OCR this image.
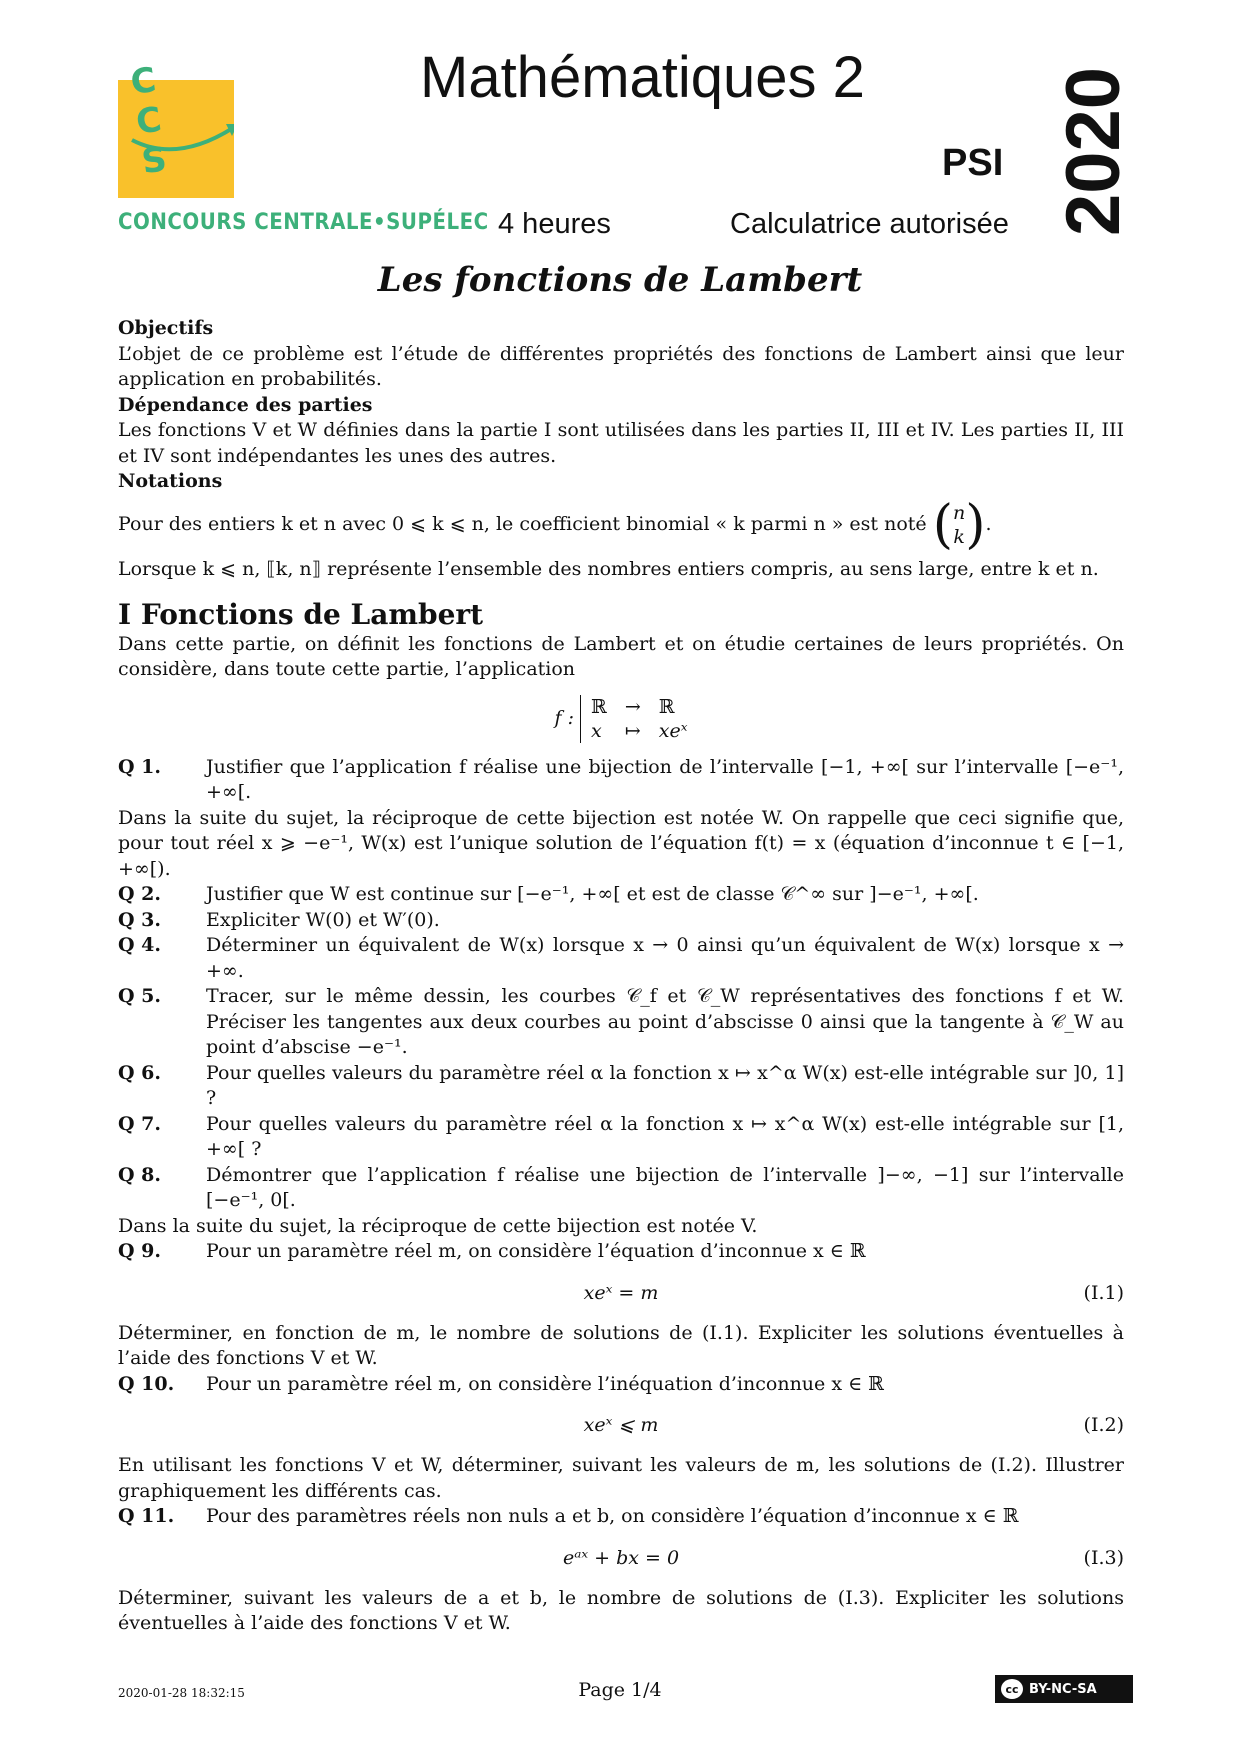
C C S
CONCOURS CENTRALE•SUPÉLEC
Mathématiques 2
PSI 2020
4 heures	Calculatrice autorisée
Les fonctions de Lambert

Objectifs

L’objet de ce problème est l’étude de différentes propriétés des fonctions de Lambert ainsi que leur application en probabilités.

Dépendance des parties

Les fonctions V et W définies dans la partie I sont utilisées dans les parties II, III et IV. Les parties II, III et IV sont indépendantes les unes des autres.

Notations

Pour des entiers k et n avec 0 ⩽ k ⩽ n, le coefficient binomial « k parmi n » est noté ( n
k ) .

Lorsque k ⩽ n, ⟦k, n⟧ représente l’ensemble des nombres entiers compris, au sens large, entre k et n.

I Fonctions de Lambert

Dans cette partie, on définit les fonctions de Lambert et on étudie certaines de leurs propriétés. On considère, dans toute cette partie, l’application

f :
ℝ → ℝ
x ↦ xeˣ
Q 1.	Justifier que l’application f réalise une bijection de l’intervalle [−1, +∞[ sur l’intervalle [−e⁻¹, +∞[.

Dans la suite du sujet, la réciproque de cette bijection est notée W. On rappelle que ceci signifie que, pour tout réel x ⩾ −e⁻¹, W(x) est l’unique solution de l’équation f(t) = x (équation d’inconnue t ∈ [−1, +∞[).

Q 2.	Justifier que W est continue sur [−e⁻¹, +∞[ et est de classe 𝒞^∞ sur ]−e⁻¹, +∞[.
Q 3.	Expliciter W(0) et W′(0).
Q 4.	Déterminer un équivalent de W(x) lorsque x → 0 ainsi qu’un équivalent de W(x) lorsque x → +∞.
Q 5.	Tracer, sur le même dessin, les courbes 𝒞_f et 𝒞_W représentatives des fonctions f et W. Préciser les tangentes aux deux courbes au point d’abscisse 0 ainsi que la tangente à 𝒞_W au point d’abscise −e⁻¹.
Q 6.	Pour quelles valeurs du paramètre réel α la fonction x ↦ x^α W(x) est-elle intégrable sur ]0, 1] ?
Q 7.	Pour quelles valeurs du paramètre réel α la fonction x ↦ x^α W(x) est-elle intégrable sur [1, +∞[ ?
Q 8.	Démontrer que l’application f réalise une bijection de l’intervalle ]−∞, −1] sur l’intervalle [−e⁻¹, 0[.

Dans la suite du sujet, la réciproque de cette bijection est notée V.

Q 9.	Pour un paramètre réel m, on considère l’équation d’inconnue x ∈ ℝ
xeˣ = m	(I.1)

Déterminer, en fonction de m, le nombre de solutions de (I.1). Expliciter les solutions éventuelles à l’aide des fonctions V et W.

Q 10.	Pour un paramètre réel m, on considère l’inéquation d’inconnue x ∈ ℝ
xeˣ ⩽ m	(I.2)

En utilisant les fonctions V et W, déterminer, suivant les valeurs de m, les solutions de (I.2). Illustrer graphiquement les différents cas.

Q 11.	Pour des paramètres réels non nuls a et b, on considère l’équation d’inconnue x ∈ ℝ
eᵃˣ + bx = 0	(I.3)

Déterminer, suivant les valeurs de a et b, le nombre de solutions de (I.3). Expliciter les solutions éventuelles à l’aide des fonctions V et W.

2020-01-28 18:32:15	Page 1/4	cc BY-NC-SA
